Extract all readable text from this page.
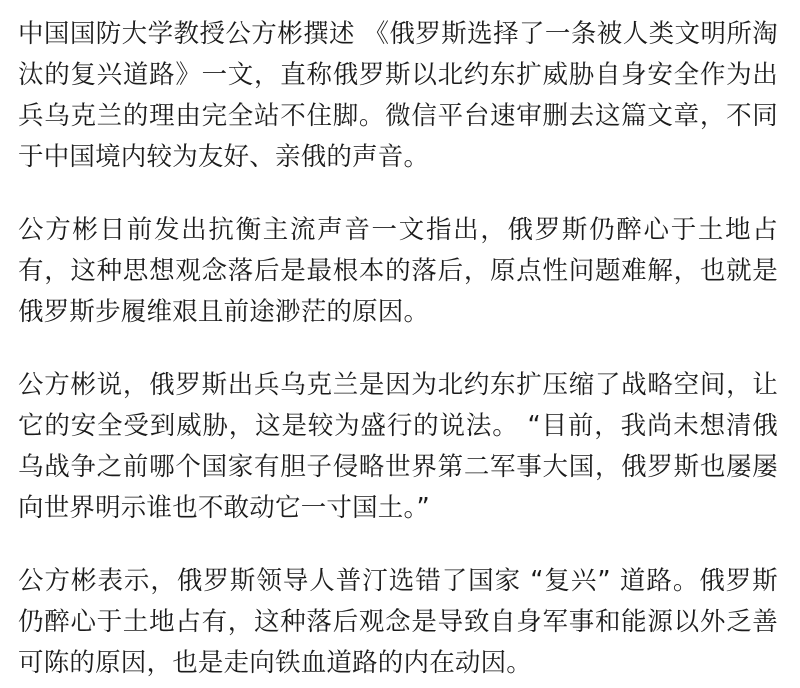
中国国防大学教授公方彬撰述 《俄罗斯选择了一条被人类文明所淘汰的复兴道路》一文，直称俄罗斯以北约东扩威胁自身安全作为出兵乌克兰的理由完全站不住脚。微信平台速审删去这篇文章，不同于中国境内较为友好、亲俄的声音。

公方彬日前发出抗衡主流声音一文指出，俄罗斯仍醉心于土地占有，这种思想观念落后是最根本的落后，原点性问题难解，也就是俄罗斯步履维艰且前途渺茫的原因。

公方彬说，俄罗斯出兵乌克兰是因为北约东扩压缩了战略空间，让它的安全受到威胁，这是较为盛行的说法。 “目前，我尚未想清俄乌战争之前哪个国家有胆子侵略世界第二军事大国，俄罗斯也屡屡向世界明示谁也不敢动它一寸国土。”

公方彬表示，俄罗斯领导人普汀选错了国家 “复兴” 道路。俄罗斯仍醉心于土地占有，这种落后观念是导致自身军事和能源以外乏善可陈的原因，也是走向铁血道路的内在动因。
